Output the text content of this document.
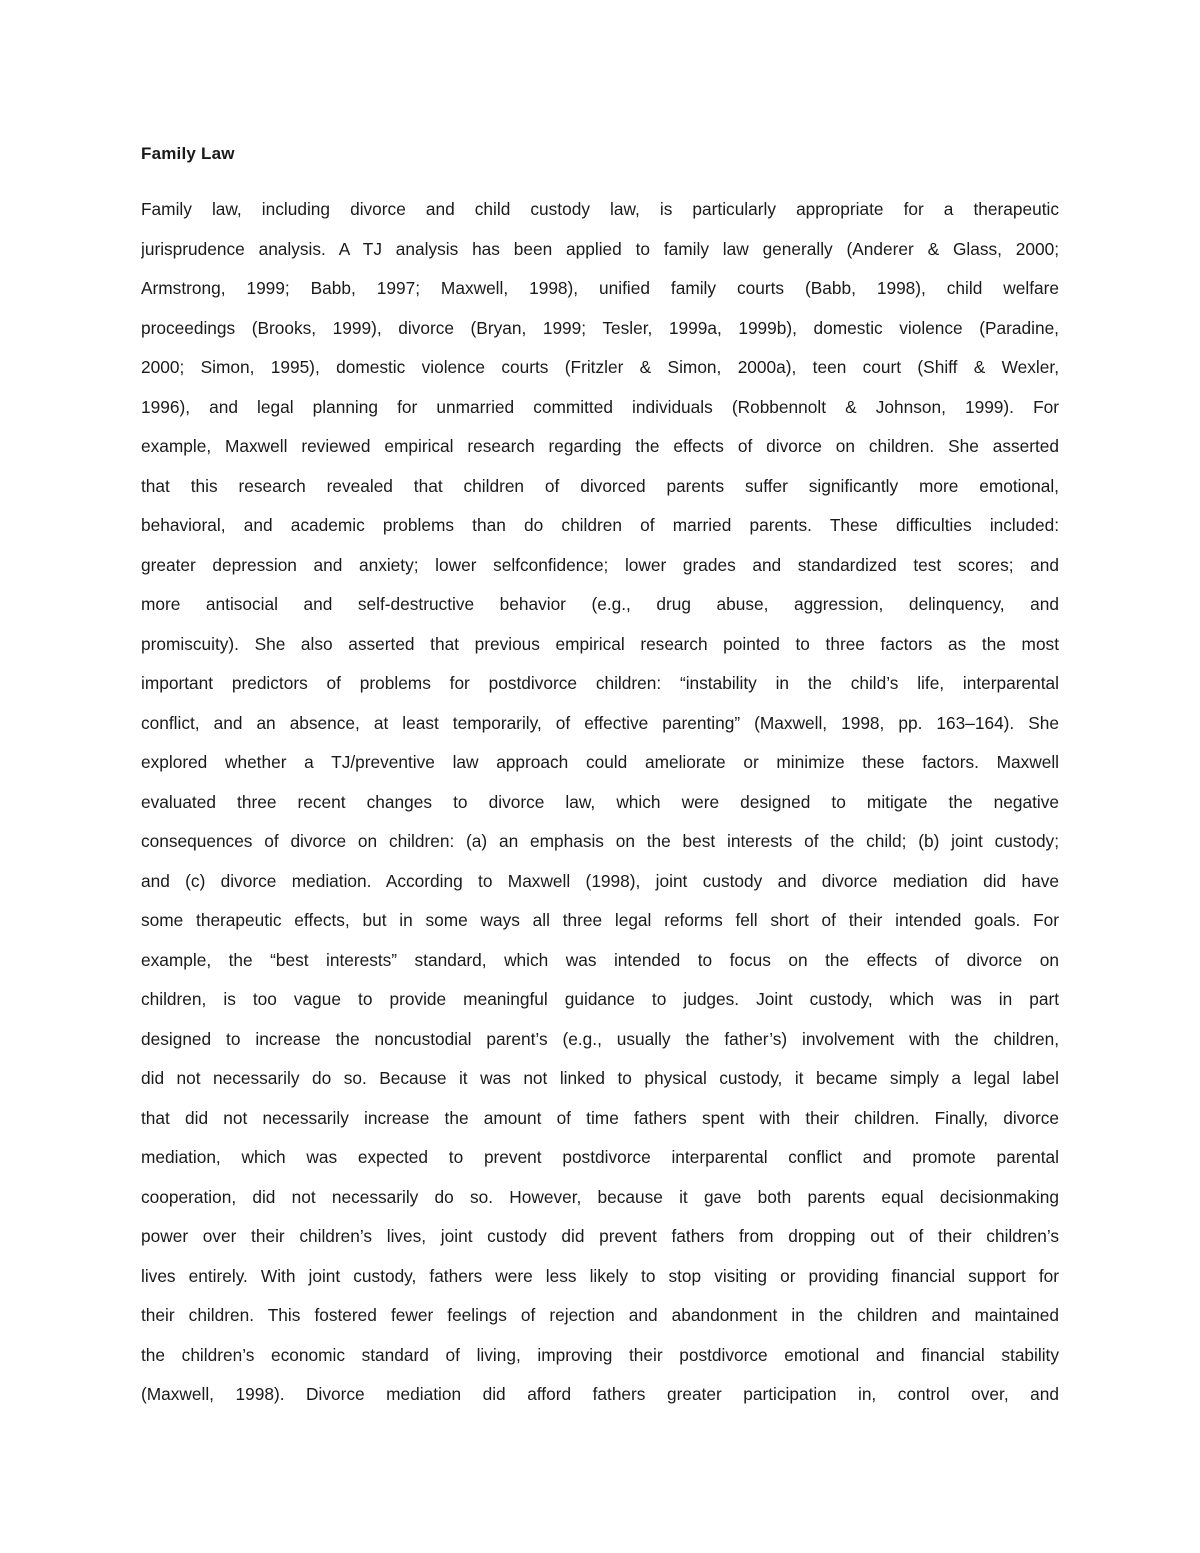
Family Law
Family law, including divorce and child custody law, is particularly appropriate for a therapeutic
jurisprudence analysis. A TJ analysis has been applied to family law generally (Anderer & Glass, 2000;
Armstrong, 1999; Babb, 1997; Maxwell, 1998), unified family courts (Babb, 1998), child welfare
proceedings (Brooks, 1999), divorce (Bryan, 1999; Tesler, 1999a, 1999b), domestic violence (Paradine,
2000; Simon, 1995), domestic violence courts (Fritzler & Simon, 2000a), teen court (Shiff & Wexler,
1996), and legal planning for unmarried committed individuals (Robbennolt & Johnson, 1999). For
example, Maxwell reviewed empirical research regarding the effects of divorce on children. She asserted
that this research revealed that children of divorced parents suffer significantly more emotional,
behavioral, and academic problems than do children of married parents. These difficulties included:
greater depression and anxiety; lower selfconfidence; lower grades and standardized test scores; and
more antisocial and self-destructive behavior (e.g., drug abuse, aggression, delinquency, and
promiscuity). She also asserted that previous empirical research pointed to three factors as the most
important predictors of problems for postdivorce children: “instability in the child’s life, interparental
conflict, and an absence, at least temporarily, of effective parenting” (Maxwell, 1998, pp. 163–164). She
explored whether a TJ/preventive law approach could ameliorate or minimize these factors. Maxwell
evaluated three recent changes to divorce law, which were designed to mitigate the negative
consequences of divorce on children: (a) an emphasis on the best interests of the child; (b) joint custody;
and (c) divorce mediation. According to Maxwell (1998), joint custody and divorce mediation did have
some therapeutic effects, but in some ways all three legal reforms fell short of their intended goals. For
example, the “best interests” standard, which was intended to focus on the effects of divorce on
children, is too vague to provide meaningful guidance to judges. Joint custody, which was in part
designed to increase the noncustodial parent’s (e.g., usually the father’s) involvement with the children,
did not necessarily do so. Because it was not linked to physical custody, it became simply a legal label
that did not necessarily increase the amount of time fathers spent with their children. Finally, divorce
mediation, which was expected to prevent postdivorce interparental conflict and promote parental
cooperation, did not necessarily do so. However, because it gave both parents equal decisionmaking
power over their children’s lives, joint custody did prevent fathers from dropping out of their children’s
lives entirely. With joint custody, fathers were less likely to stop visiting or providing financial support for
their children. This fostered fewer feelings of rejection and abandonment in the children and maintained
the children’s economic standard of living, improving their postdivorce emotional and financial stability
(Maxwell, 1998). Divorce mediation did afford fathers greater participation in, control over, and
